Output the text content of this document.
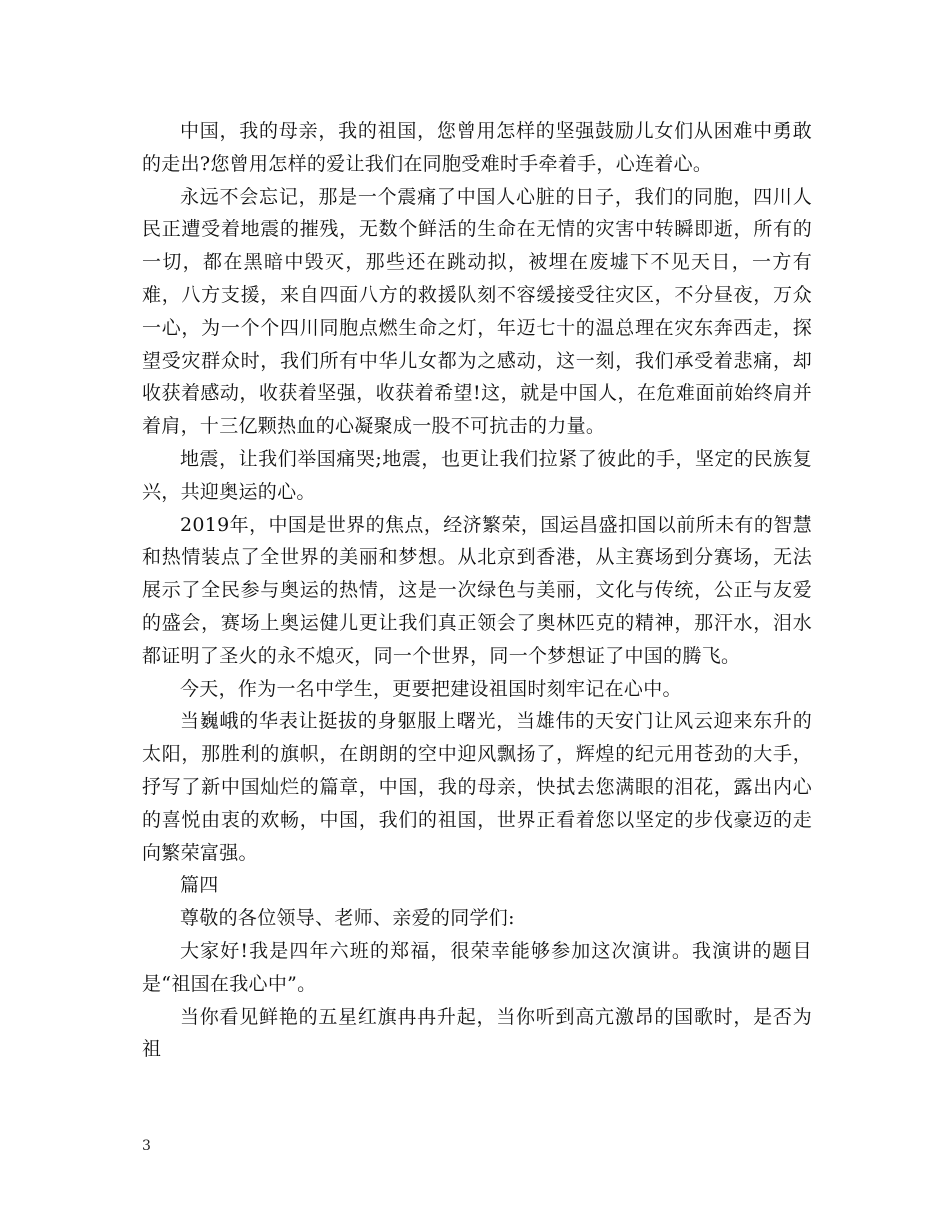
中国，我的母亲，我的祖国，您曾用怎样的坚强鼓励儿女们从困难中勇敢的走出?您曾用怎样的爱让我们在同胞受难时手牵着手，心连着心。

永远不会忘记，那是一个震痛了中国人心脏的日子，我们的同胞，四川人民正遭受着地震的摧残，无数个鲜活的生命在无情的灾害中转瞬即逝，所有的一切，都在黑暗中毁灭，那些还在跳动拟，被埋在废墟下不见天日，一方有难，八方支援，来自四面八方的救援队刻不容缓接受往灾区，不分昼夜，万众一心，为一个个四川同胞点燃生命之灯，年迈七十的温总理在灾东奔西走，探望受灾群众时，我们所有中华儿女都为之感动，这一刻，我们承受着悲痛，却收获着感动，收获着坚强，收获着希望!这，就是中国人，在危难面前始终肩并着肩，十三亿颗热血的心凝聚成一股不可抗击的力量。

地震，让我们举国痛哭;地震，也更让我们拉紧了彼此的手，坚定的民族复兴，共迎奥运的心。

2019年，中国是世界的焦点，经济繁荣，国运昌盛扣国以前所未有的智慧和热情装点了全世界的美丽和梦想。从北京到香港，从主赛场到分赛场，无法展示了全民参与奥运的热情，这是一次绿色与美丽，文化与传统，公正与友爱的盛会，赛场上奥运健儿更让我们真正领会了奥林匹克的精神，那汗水，泪水都证明了圣火的永不熄灭，同一个世界，同一个梦想证了中国的腾飞。

今天，作为一名中学生，更要把建设祖国时刻牢记在心中。

当巍峨的华表让挺拔的身躯服上曙光，当雄伟的天安门让风云迎来东升的太阳，那胜利的旗帜，在朗朗的空中迎风飘扬了，辉煌的纪元用苍劲的大手，抒写了新中国灿烂的篇章，中国，我的母亲，快拭去您满眼的泪花，露出内心的喜悦由衷的欢畅，中国，我们的祖国，世界正看着您以坚定的步伐豪迈的走向繁荣富强。

篇四

尊敬的各位领导、老师、亲爱的同学们:

大家好!我是四年六班的郑福，很荣幸能够参加这次演讲。我演讲的题目是“祖国在我心中”。

当你看见鲜艳的五星红旗冉冉升起，当你听到高亢激昂的国歌时，是否为祖

3
